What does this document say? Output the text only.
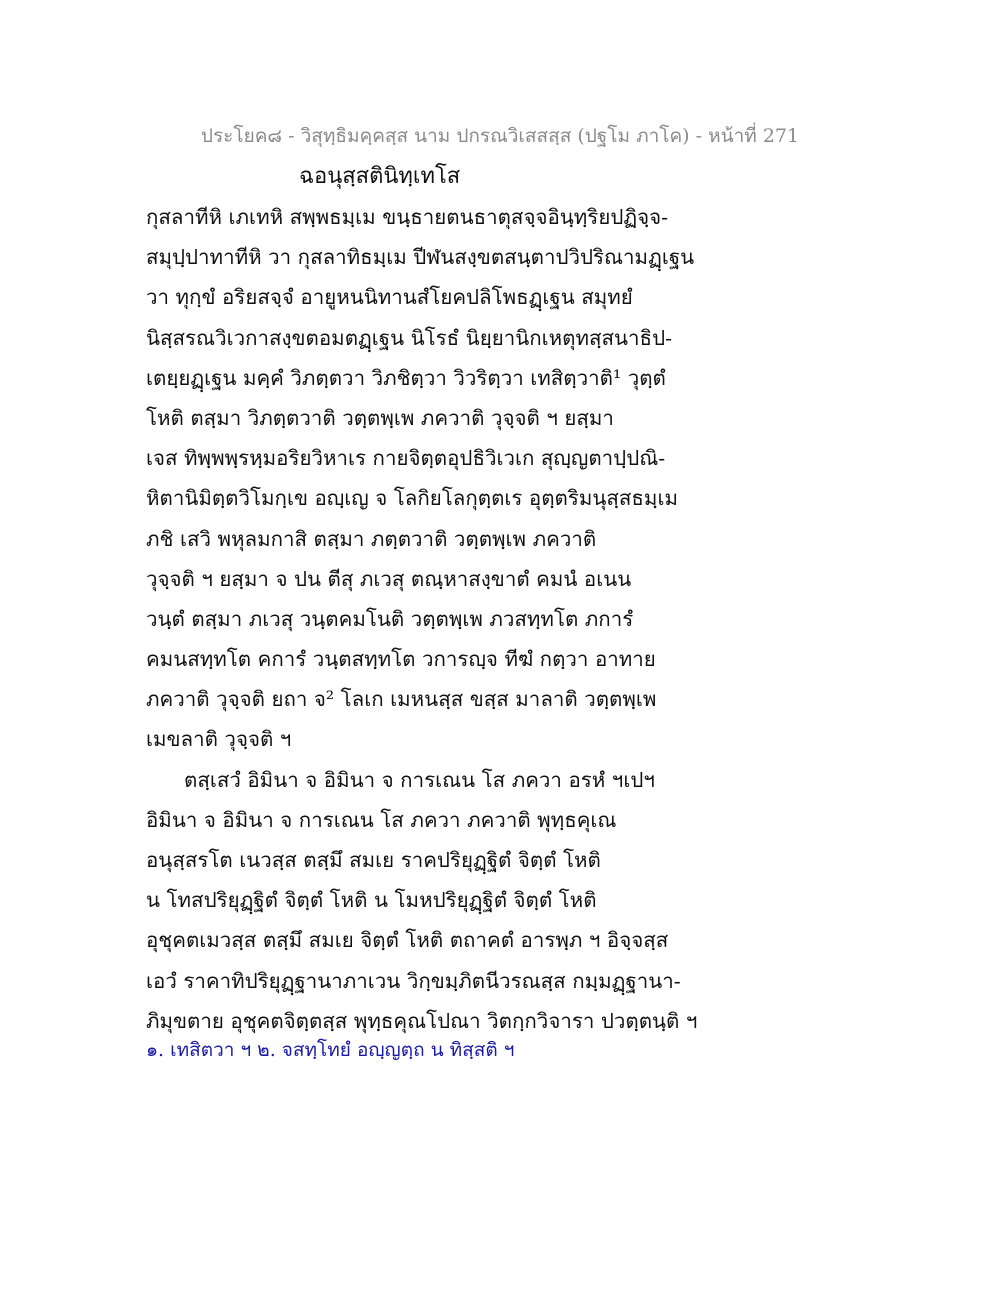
ประโยค๘ - วิสุทฺธิมคฺคสฺส นาม ปกรณวิเสสสฺส (ปฐโม ภาโค) - หน้าที่ 271
ฉอนุสฺสตินิทฺเทโส
กุสลาทีหิ เภเทหิ สพฺพธมฺเม ขนฺธายตนธาตุสจฺจอินฺทฺริยปฏิจฺจ-
สมุปฺปาทาทีหิ วา กุสลาทิธมฺเม ปีฬนสงฺขตสนฺตาปวิปริณามฏฺเฐน
วา ทุกฺขํ อริยสจฺจํ อายูหนนิทานสํโยคปลิโพธฏฺเฐน สมุทยํ
นิสฺสรณวิเวกาสงฺขตอมตฏฺเฐน นิโรธํ นิยฺยานิกเหตุทสฺสนาธิป-
เตยฺยฏฺเฐน มคฺคํ วิภตฺตวา วิภชิตฺวา วิวริตฺวา เทสิตฺวาติ¹ วุตฺตํ
โหติ ตสฺมา วิภตฺตวาติ วตฺตพฺเพ ภควาติ วุจฺจติ ฯ ยสฺมา
เจส ทิพฺพพฺรหฺมอริยวิหาเร กายจิตฺตอุปธิวิเวเก สุญฺญตาปฺปณิ-
หิตานิมิตฺตวิโมกฺเข อญฺเญ จ โลกิยโลกุตฺตเร อุตฺตริมนุสฺสธมฺเม
ภชิ เสวิ พหุลมกาสิ ตสฺมา ภตฺตวาติ วตฺตพฺเพ ภควาติ
วุจฺจติ ฯ ยสฺมา จ ปน ตีสุ ภเวสุ ตณฺหาสงฺขาตํ คมนํ อเนน
วนฺตํ ตสฺมา ภเวสุ วนฺตคมโนติ วตฺตพฺเพ ภวสทฺทโต ภการํ
คมนสทฺทโต คการํ วนฺตสทฺทโต วการญฺจ ทีฆํ กตฺวา อาทาย
ภควาติ วุจฺจติ ยถา จ² โลเก เมหนสฺส ขสฺส มาลาติ วตฺตพฺเพ
เมขลาติ วุจฺจติ ฯ
ตสฺเสวํ อิมินา จ อิมินา จ การเณน โส ภควา อรหํ ฯเปฯ
อิมินา จ อิมินา จ การเณน โส ภควา ภควาติ พุทฺธคุเณ
อนุสฺสรโต เนวสฺส ตสฺมึ สมเย ราคปริยุฏฺฐิตํ จิตฺตํ โหติ
น โทสปริยุฏฺฐิตํ จิตฺตํ โหติ น โมหปริยุฏฺฐิตํ จิตฺตํ โหติ
อุชุคตเมวสฺส ตสฺมึ สมเย จิตฺตํ โหติ ตถาคตํ อารพฺภ ฯ อิจฺจสฺส
เอวํ ราคาทิปริยุฏฺฐานาภาเวน วิกฺขมฺภิตนีวรณสฺส กมฺมฏฺฐานา-
ภิมุขตาย อุชุคตจิตฺตสฺส พุทฺธคุณโปณา วิตกฺกวิจารา ปวตฺตนฺติ ฯ
๑. เทสิตวา ฯ ๒. จสทฺโทยํ อญฺญตฺถ น ทิสฺสติ ฯ
